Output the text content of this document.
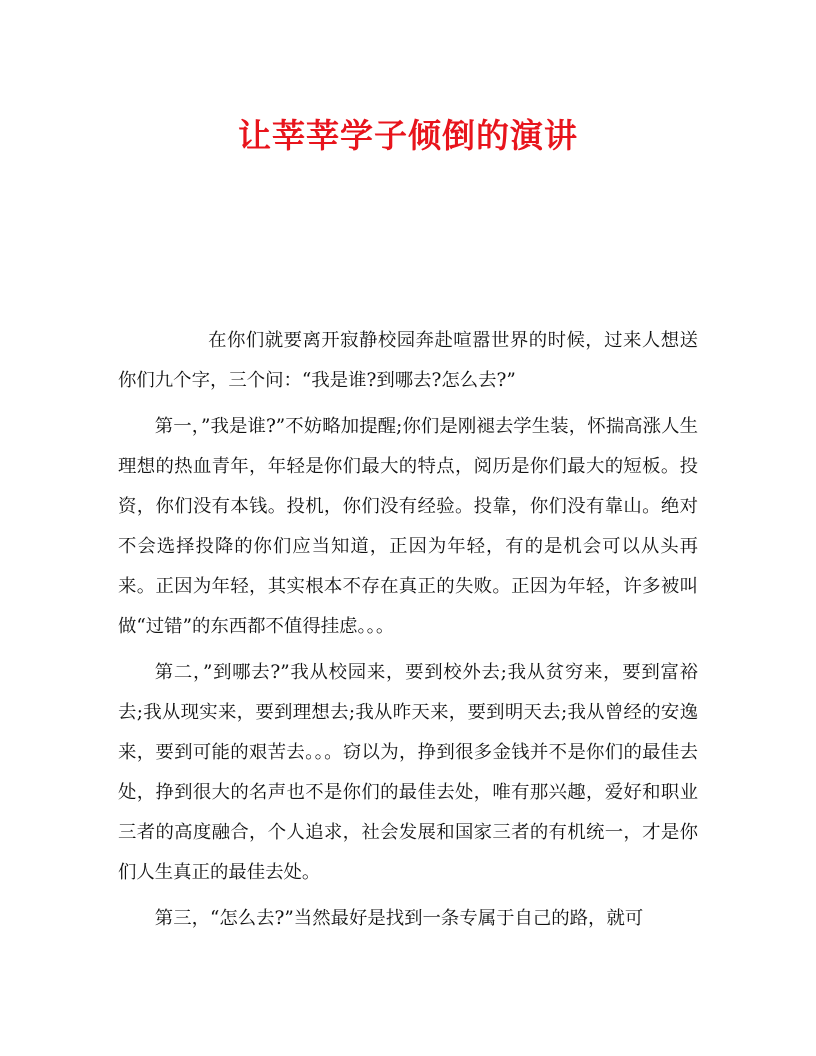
让莘莘学子倾倒的演讲

在你们就要离开寂静校园奔赴喧嚣世界的时候，过来人想送你们九个字，三个问：“我是谁?到哪去?怎么去?”

第一，”我是谁?”不妨略加提醒;你们是刚褪去学生装，怀揣高涨人生理想的热血青年，年轻是你们最大的特点，阅历是你们最大的短板。投资，你们没有本钱。投机，你们没有经验。投靠，你们没有靠山。绝对不会选择投降的你们应当知道，正因为年轻，有的是机会可以从头再来。正因为年轻，其实根本不存在真正的失败。正因为年轻，许多被叫做“过错”的东西都不值得挂虑。。。

第二，”到哪去?”我从校园来，要到校外去;我从贫穷来，要到富裕去;我从现实来，要到理想去;我从昨天来，要到明天去;我从曾经的安逸来，要到可能的艰苦去。。。窃以为，挣到很多金钱并不是你们的最佳去处，挣到很大的名声也不是你们的最佳去处，唯有那兴趣，爱好和职业三者的高度融合，个人追求，社会发展和国家三者的有机统一，才是你们人生真正的最佳去处。

第三，“怎么去?”当然最好是找到一条专属于自己的路，就可
